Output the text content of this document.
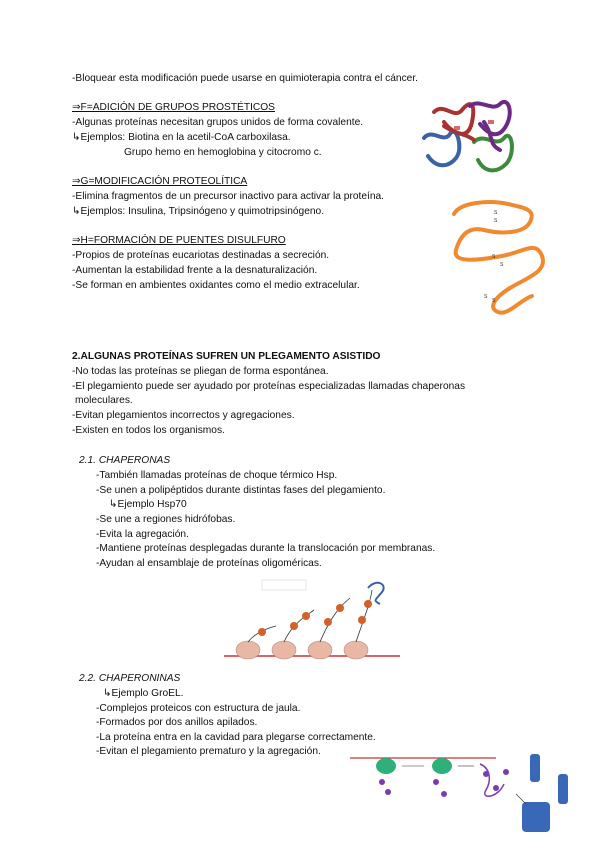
-Bloquear esta modificación puede usarse en quimioterapia contra el cáncer.
⇒F=ADICIÓN DE GRUPOS PROSTÉTICOS
-Algunas proteínas necesitan grupos unidos de forma covalente.
↳Ejemplos: Biotina en la acetil-CoA carboxilasa.
Grupo hemo en hemoglobina y citocromo c.
⇒G=MODIFICACIÓN PROTEOLÍTICA
-Elimina fragmentos de un precursor inactivo para activar la proteína.
↳Ejemplos: Insulina, Tripsinógeno y quimotripsinógeno.
⇒H=FORMACIÓN DE PUENTES DISULFURO
-Propios de proteínas eucariotas destinadas a secreción.
-Aumentan la estabilidad frente a la desnaturalización.
-Se forman en ambientes oxidantes como el medio extracelular.
2.ALGUNAS PROTEÍNAS SUFREN UN PLEGAMENTO ASISTIDO
-No todas las proteínas se pliegan de forma espontánea.
-El plegamiento puede ser ayudado por proteínas especializadas llamadas chaperonas
moleculares.
-Evitan plegamientos incorrectos y agregaciones.
-Existen en todos los organismos.
2.1. CHAPERONAS
-También llamadas proteínas de choque térmico Hsp.
-Se unen a polipéptidos durante distintas fases del plegamiento.
↳Ejemplo Hsp70
-Se une a regiones hidrófobas.
-Evita la agregación.
-Mantiene proteínas desplegadas durante la translocación por membranas.
-Ayudan al ensamblaje de proteínas oligoméricas.
2.2. CHAPERONINAS
↳Ejemplo GroEL.
-Complejos proteicos con estructura de jaula.
-Formados por dos anillos apilados.
-La proteína entra en la cavidad para plegarse correctamente.
-Evitan el plegamiento prematuro y la agregación.
S
S
S
S
S
S
